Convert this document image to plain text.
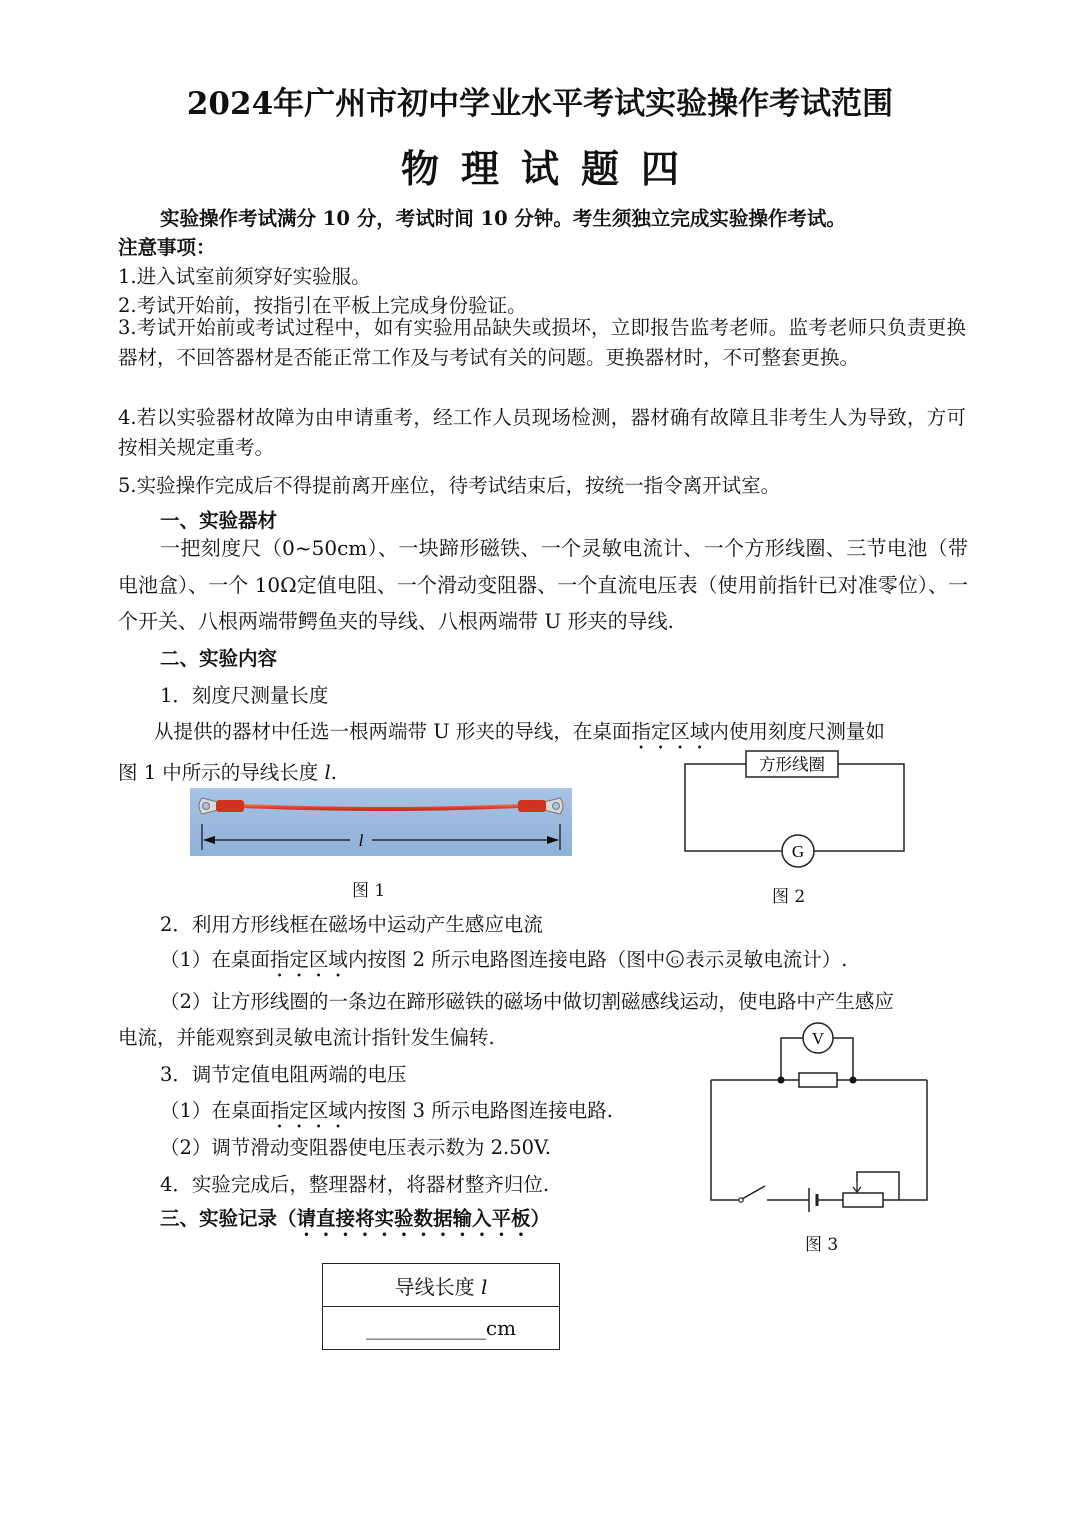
2024年广州市初中学业水平考试实验操作考试范围
物理试题四
实验操作考试满分 10 分，考试时间 10 分钟。考生须独立完成实验操作考试。
注意事项：
1.进入试室前须穿好实验服。
2.考试开始前，按指引在平板上完成身份验证。
3.考试开始前或考试过程中，如有实验用品缺失或损坏，立即报告监考老师。监考老师只负责更换器材，不回答器材是否能正常工作及与考试有关的问题。更换器材时，不可整套更换。
4.若以实验器材故障为由申请重考，经工作人员现场检测，器材确有故障且非考生人为导致，方可按相关规定重考。
5.实验操作完成后不得提前离开座位，待考试结束后，按统一指令离开试室。
一、实验器材
一把刻度尺（0~50cm）、一块蹄形磁铁、一个灵敏电流计、一个方形线圈、三节电池（带电池盒）、一个 10Ω定值电阻、一个滑动变阻器、一个直流电压表（使用前指针已对准零位）、一个开关、八根两端带鳄鱼夹的导线、八根两端带 U 形夹的导线.
二、实验内容
1．刻度尺测量长度
从提供的器材中任选一根两端带 U 形夹的导线，在桌面指定区域内使用刻度尺测量如
图 1 中所示的导线长度 l.
l
图 1
方形线圈
G
图 2
2．利用方形线框在磁场中运动产生感应电流
（1）在桌面指定区域内按图 2 所示电路图连接电路（图中 G 表示灵敏电流计）.
（2）让方形线圈的一条边在蹄形磁铁的磁场中做切割磁感线运动，使电路中产生感应
电流，并能观察到灵敏电流计指针发生偏转.
3．调节定值电阻两端的电压
（1）在桌面指定区域内按图 3 所示电路图连接电路.
（2）调节滑动变阻器使电压表示数为 2.50V.
4．实验完成后，整理器材，将器材整齐归位.
V
图 3
三、实验记录（请直接将实验数据输入平板）
导线长度 l
____________cm
